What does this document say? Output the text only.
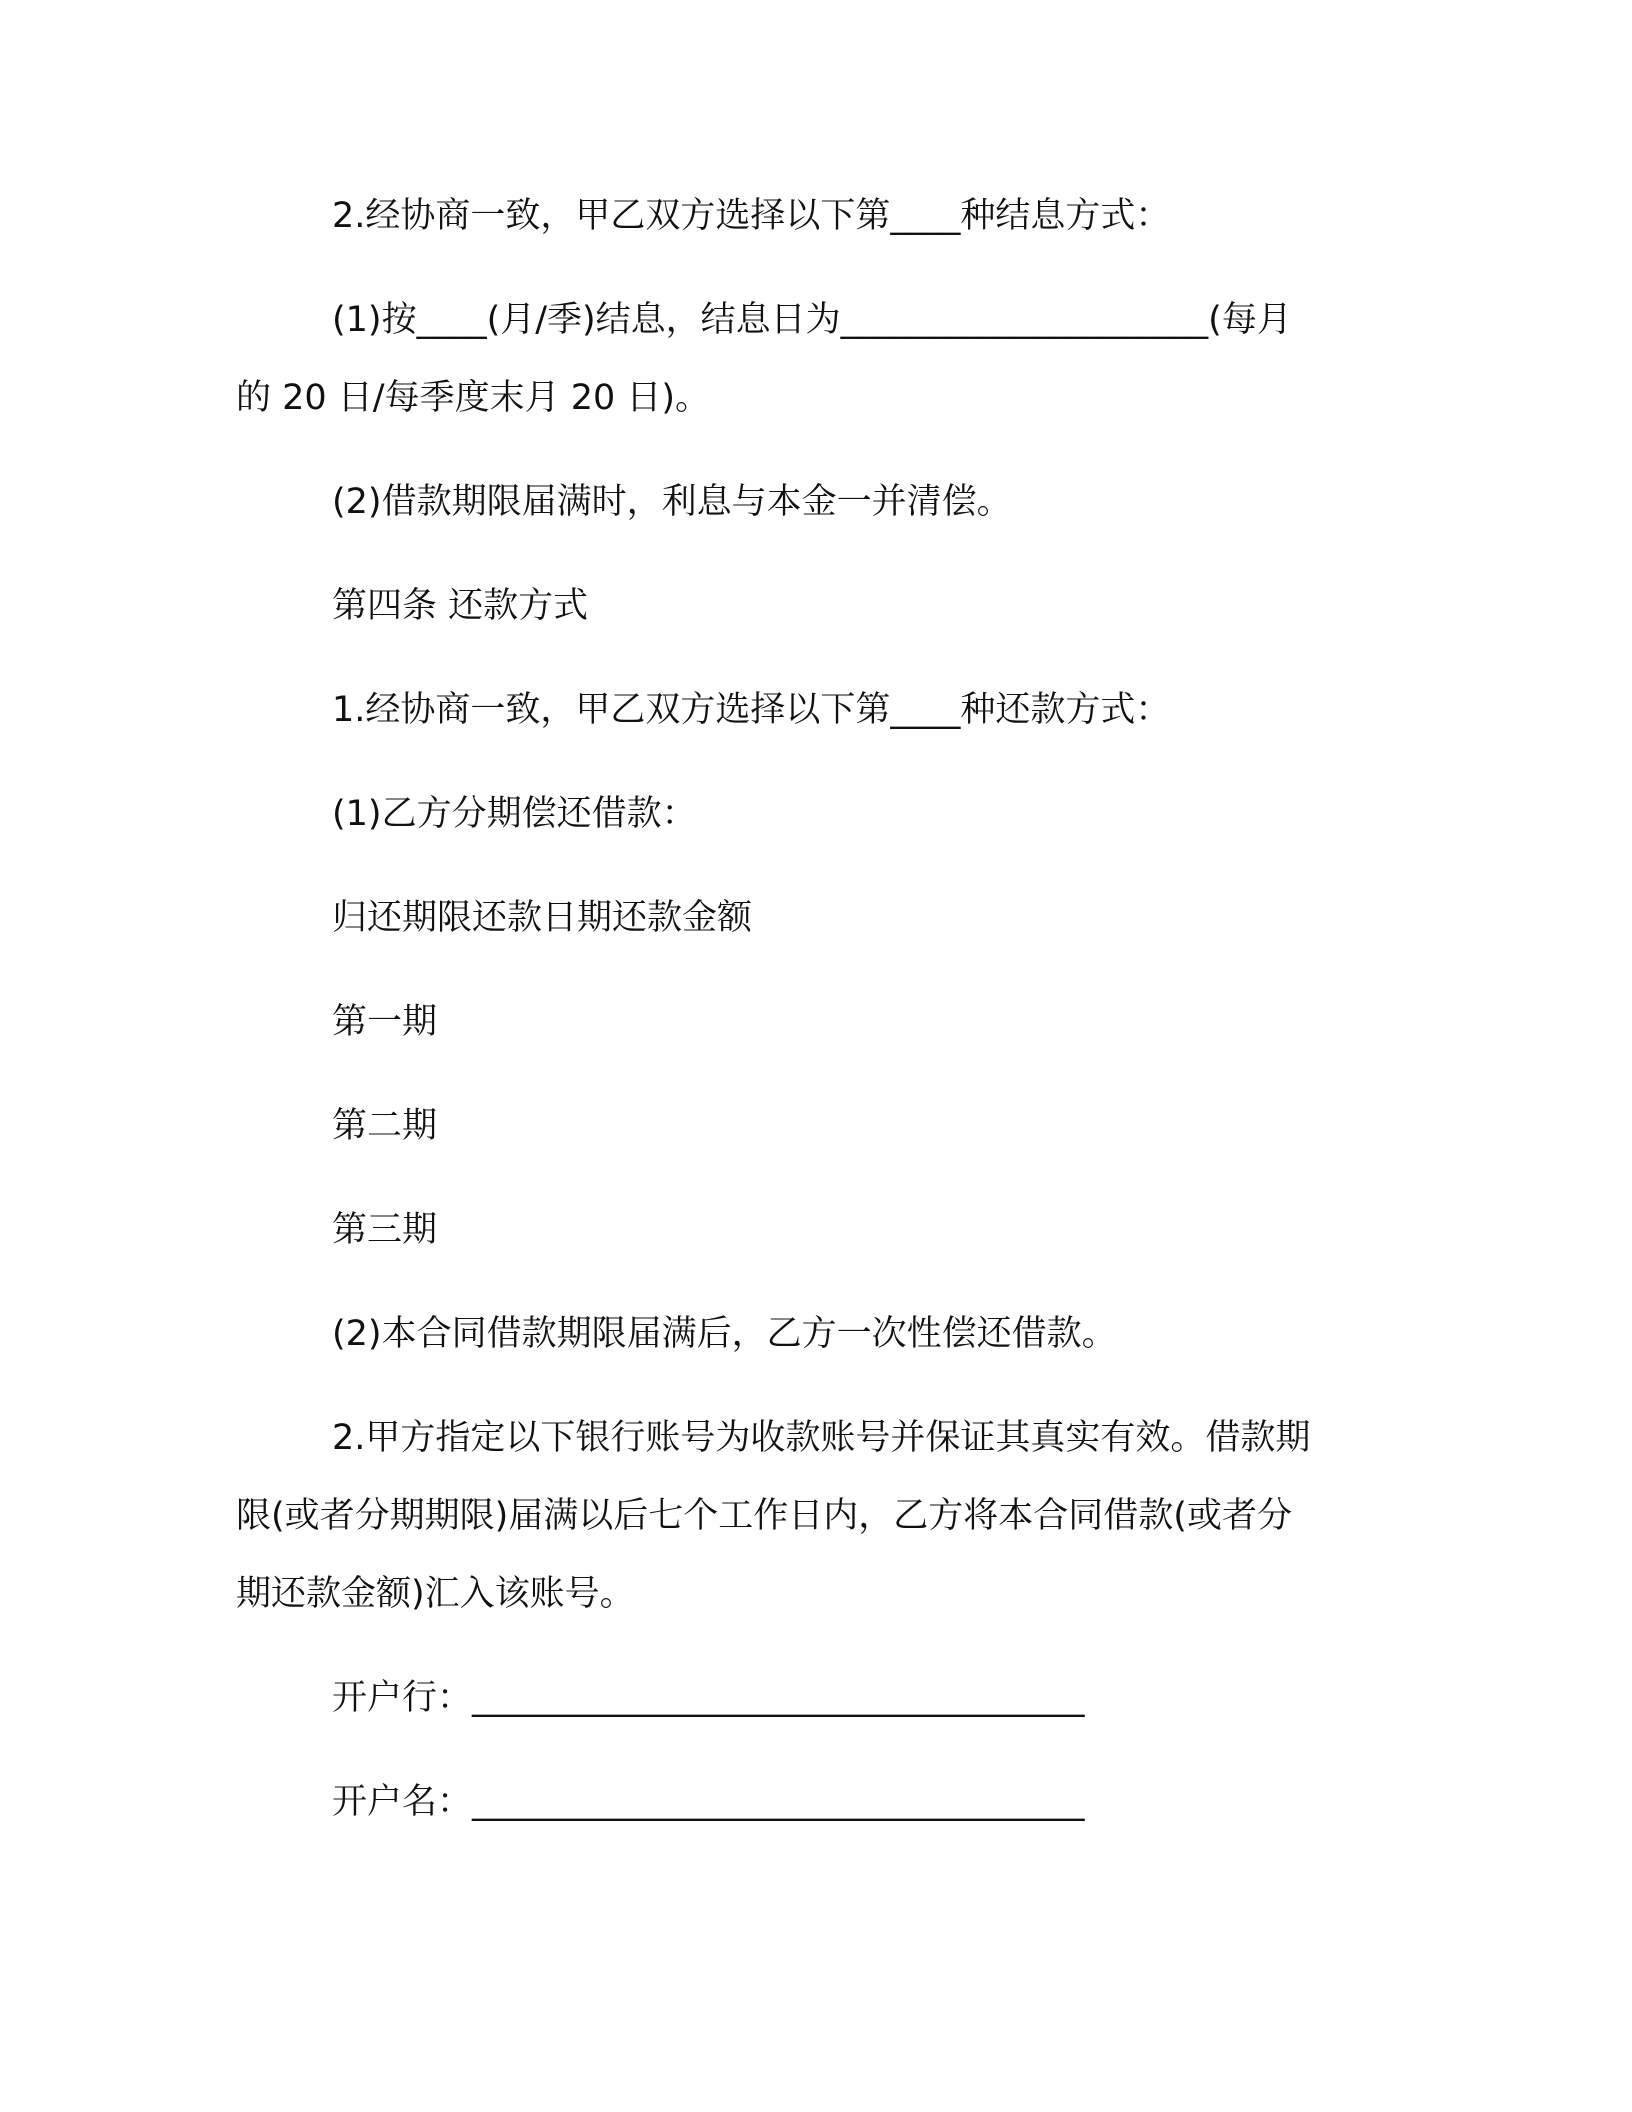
2.经协商一致，甲乙双方选择以下第____种结息方式：
(1)按____(月/季)结息，结息日为_____________________(每月
的 20 日/每季度末月 20 日)。
(2)借款期限届满时，利息与本金一并清偿。
第四条 还款方式
1.经协商一致，甲乙双方选择以下第____种还款方式：
(1)乙方分期偿还借款：
归还期限还款日期还款金额
第一期
第二期
第三期
(2)本合同借款期限届满后，乙方一次性偿还借款。
2.甲方指定以下银行账号为收款账号并保证其真实有效。借款期
限(或者分期期限)届满以后七个工作日内，乙方将本合同借款(或者分
期还款金额)汇入该账号。
开户行：___________________________________
开户名：___________________________________
